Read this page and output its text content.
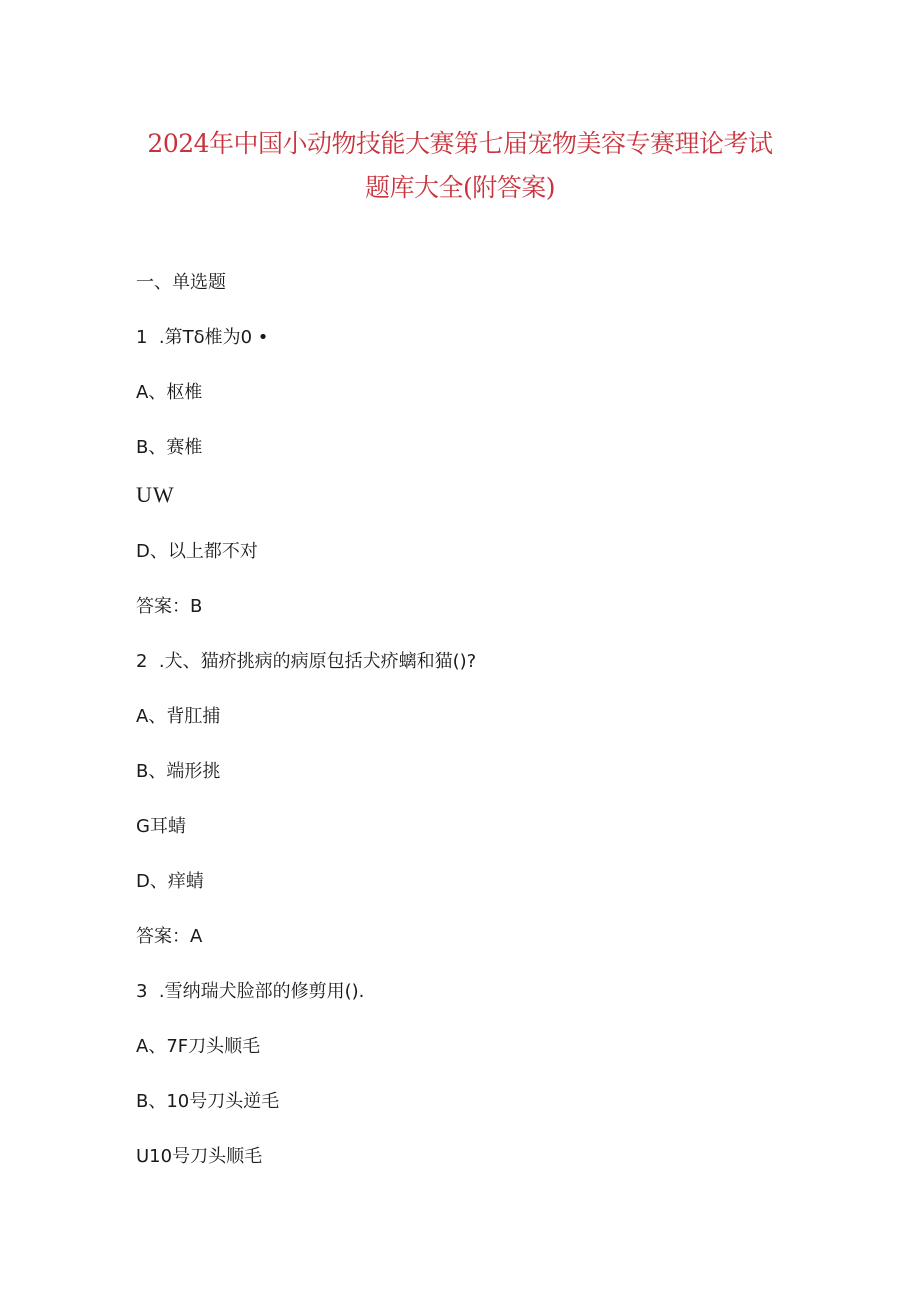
2024年中国小动物技能大赛第七届宠物美容专赛理论考试
题库大全(附答案)
一、单选题
1  .第Tδ椎为0 •
A、枢椎
B、赛椎
UW
D、以上都不对
答案：B
2  .犬、猫疥挑病的病原包括犬疥螭和猫()?
A、背肛捕
B、端形挑
G耳蜻
D、痒蜻
答案：A
3  .雪纳瑞犬脸部的修剪用().
A、7F刀头顺毛
B、10号刀头逆毛
U10号刀头顺毛
